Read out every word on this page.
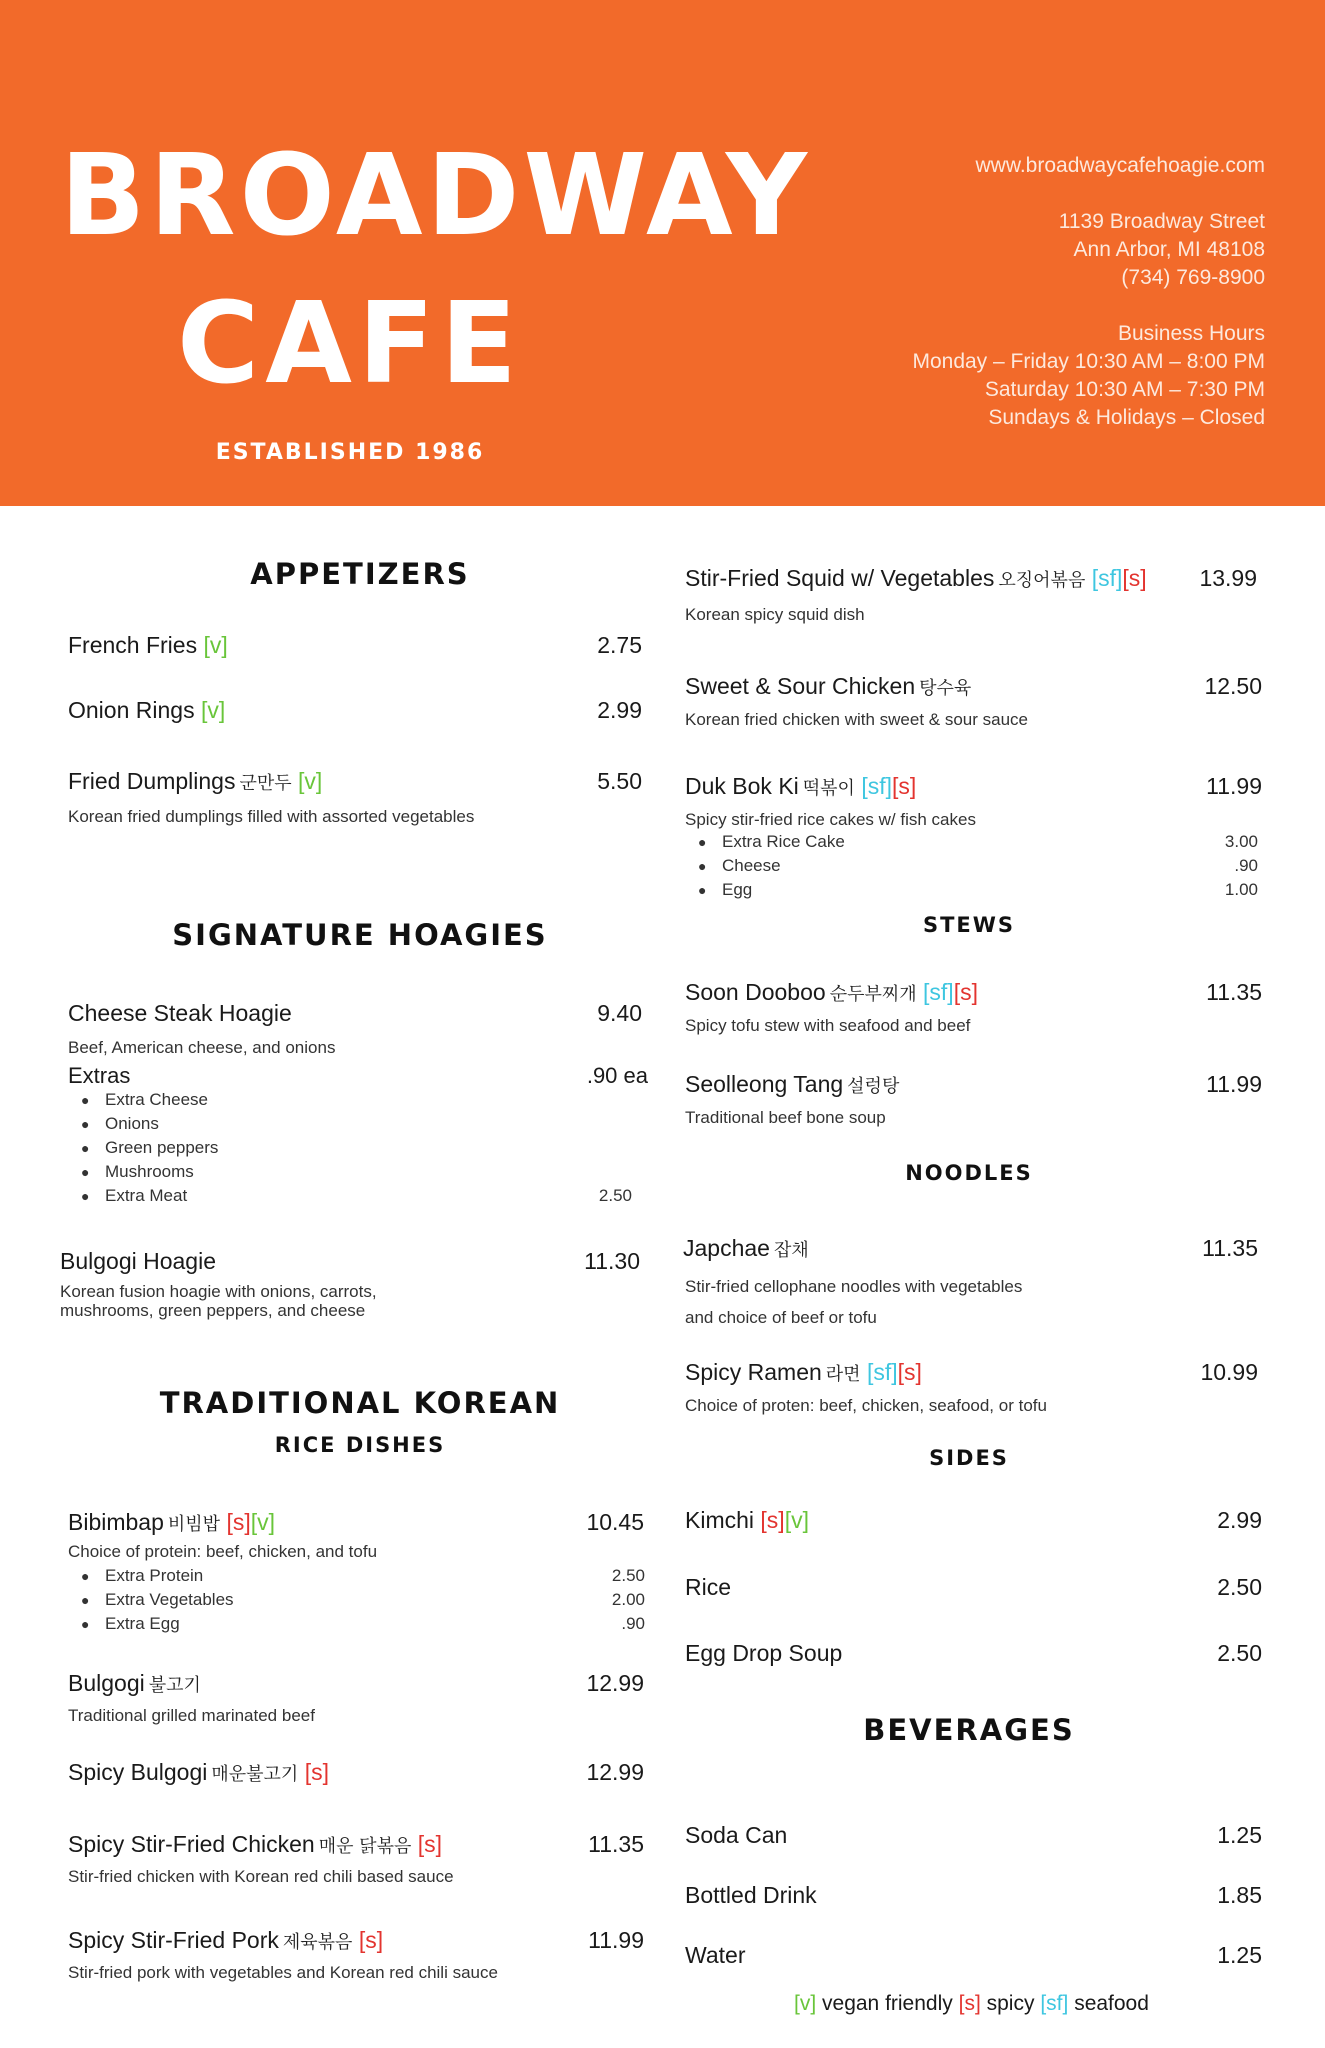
BROADWAY
CAFE
ESTABLISHED 1986
www.broadwaycafehoagie.com
1139 Broadway Street
Ann Arbor, MI 48108
(734) 769-8900
Business Hours
Monday – Friday 10:30 AM – 8:00 PM
Saturday 10:30 AM – 7:30 PM
Sundays & Holidays – Closed
APPETIZERS
French Fries [v]	2.75
Onion Rings [v]	2.99
Fried Dumplings 군만두 [v]	5.50
Korean fried dumplings filled with assorted vegetables
SIGNATURE HOAGIES
Cheese Steak Hoagie	9.40
Beef, American cheese, and onions
Extras	.90 ea
● Extra Cheese
● Onions
● Green peppers
● Mushrooms
● Extra Meat	2.50
Bulgogi Hoagie	11.30
Korean fusion hoagie with onions, carrots,
mushrooms, green peppers, and cheese
TRADITIONAL KOREAN
RICE DISHES
Bibimbap 비빔밥 [s][v]	10.45
Choice of protein: beef, chicken, and tofu
● Extra Protein	2.50
● Extra Vegetables	2.00
● Extra Egg	.90
Bulgogi 불고기	12.99
Traditional grilled marinated beef
Spicy Bulgogi 매운불고기 [s]	12.99
Spicy Stir-Fried Chicken 매운 닭볶음 [s]	11.35
Stir-fried chicken with Korean red chili based sauce
Spicy Stir-Fried Pork 제육볶음 [s]	11.99
Stir-fried pork with vegetables and Korean red chili sauce
Stir-Fried Squid w/ Vegetables 오징어볶음 [sf][s]	13.99
Korean spicy squid dish
Sweet & Sour Chicken 탕수육	12.50
Korean fried chicken with sweet & sour sauce
Duk Bok Ki 떡볶이 [sf][s]	11.99
Spicy stir-fried rice cakes w/ fish cakes
● Extra Rice Cake	3.00
● Cheese	.90
● Egg	1.00
STEWS
Soon Dooboo 순두부찌개 [sf][s]	11.35
Spicy tofu stew with seafood and beef
Seolleong Tang 설렁탕	11.99
Traditional beef bone soup
NOODLES
Japchae 잡채	11.35
Stir-fried cellophane noodles with vegetables
and choice of beef or tofu
Spicy Ramen 라면 [sf][s]	10.99
Choice of proten: beef, chicken, seafood, or tofu
SIDES
Kimchi [s][v]	2.99
Rice	2.50
Egg Drop Soup	2.50
BEVERAGES
Soda Can	1.25
Bottled Drink	1.85
Water	1.25
[v] vegan friendly [s] spicy [sf] seafood
